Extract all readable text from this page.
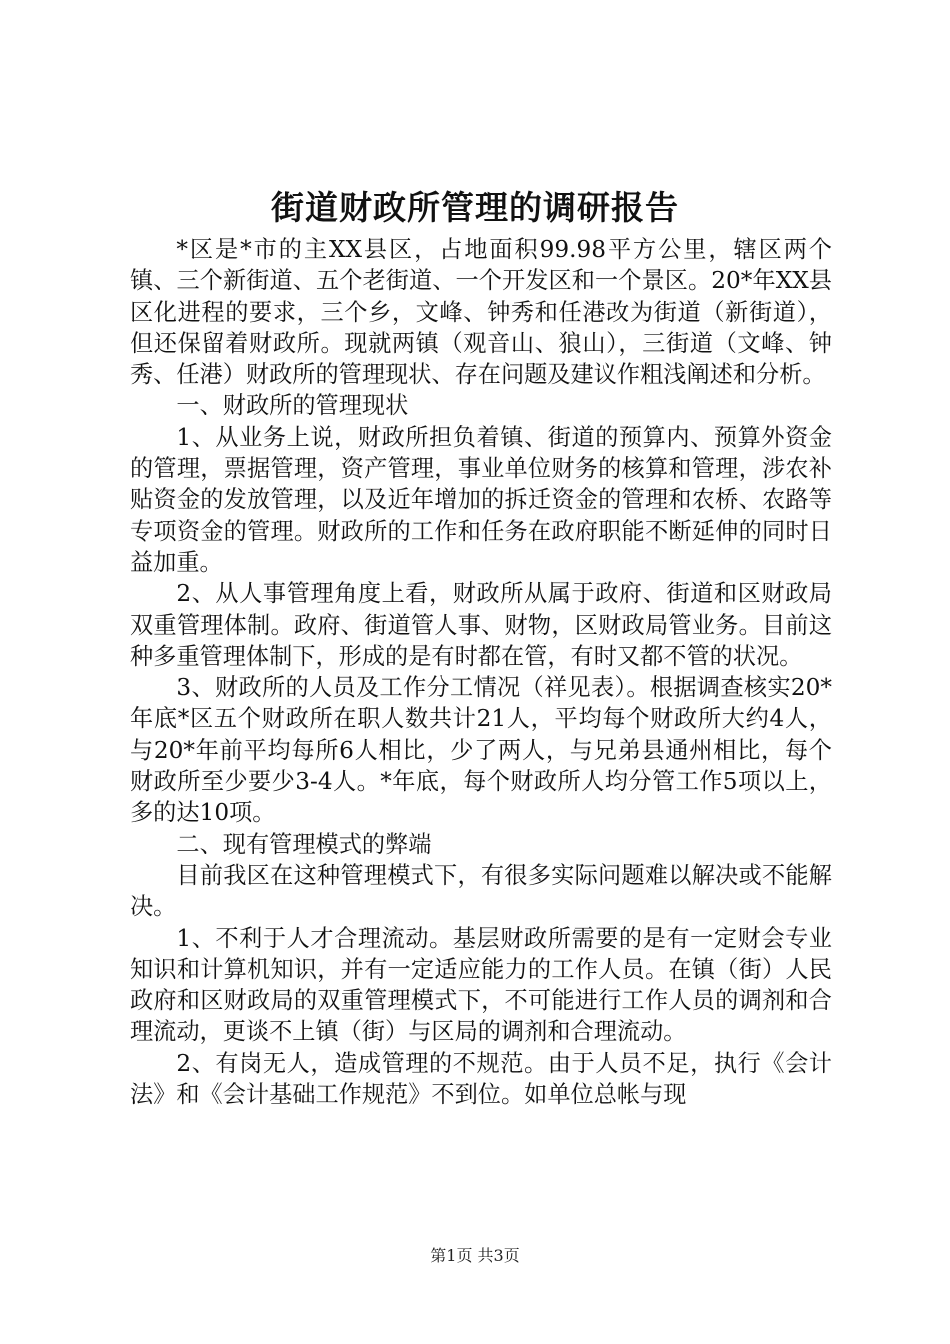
街道财政所管理的调研报告

*区是*市的主XX县区，占地面积99.98平方公里，辖区两个镇、三个新街道、五个老街道、一个开发区和一个景区。20*年XX县区化进程的要求，三个乡，文峰、钟秀和任港改为街道（新街道），但还保留着财政所。现就两镇（观音山、狼山），三街道（文峰、钟秀、任港）财政所的管理现状、存在问题及建议作粗浅阐述和分析。

一、财政所的管理现状

1、从业务上说，财政所担负着镇、街道的预算内、预算外资金的管理，票据管理，资产管理，事业单位财务的核算和管理，涉农补贴资金的发放管理，以及近年增加的拆迁资金的管理和农桥、农路等专项资金的管理。财政所的工作和任务在政府职能不断延伸的同时日益加重。

2、从人事管理角度上看，财政所从属于政府、街道和区财政局双重管理体制。政府、街道管人事、财物，区财政局管业务。目前这种多重管理体制下，形成的是有时都在管，有时又都不管的状况。

3、财政所的人员及工作分工情况（祥见表）。根据调查核实20*年底*区五个财政所在职人数共计21人，平均每个财政所大约4人，与20*年前平均每所6人相比，少了两人，与兄弟县通州相比，每个财政所至少要少3-4人。*年底，每个财政所人均分管工作5项以上，多的达10项。

二、现有管理模式的弊端

目前我区在这种管理模式下，有很多实际问题难以解决或不能解决。

1、不利于人才合理流动。基层财政所需要的是有一定财会专业知识和计算机知识，并有一定适应能力的工作人员。在镇（街）人民政府和区财政局的双重管理模式下，不可能进行工作人员的调剂和合理流动，更谈不上镇（街）与区局的调剂和合理流动。

2、有岗无人，造成管理的不规范。由于人员不足，执行《会计法》和《会计基础工作规范》不到位。如单位总帐与现

第1页 共3页
